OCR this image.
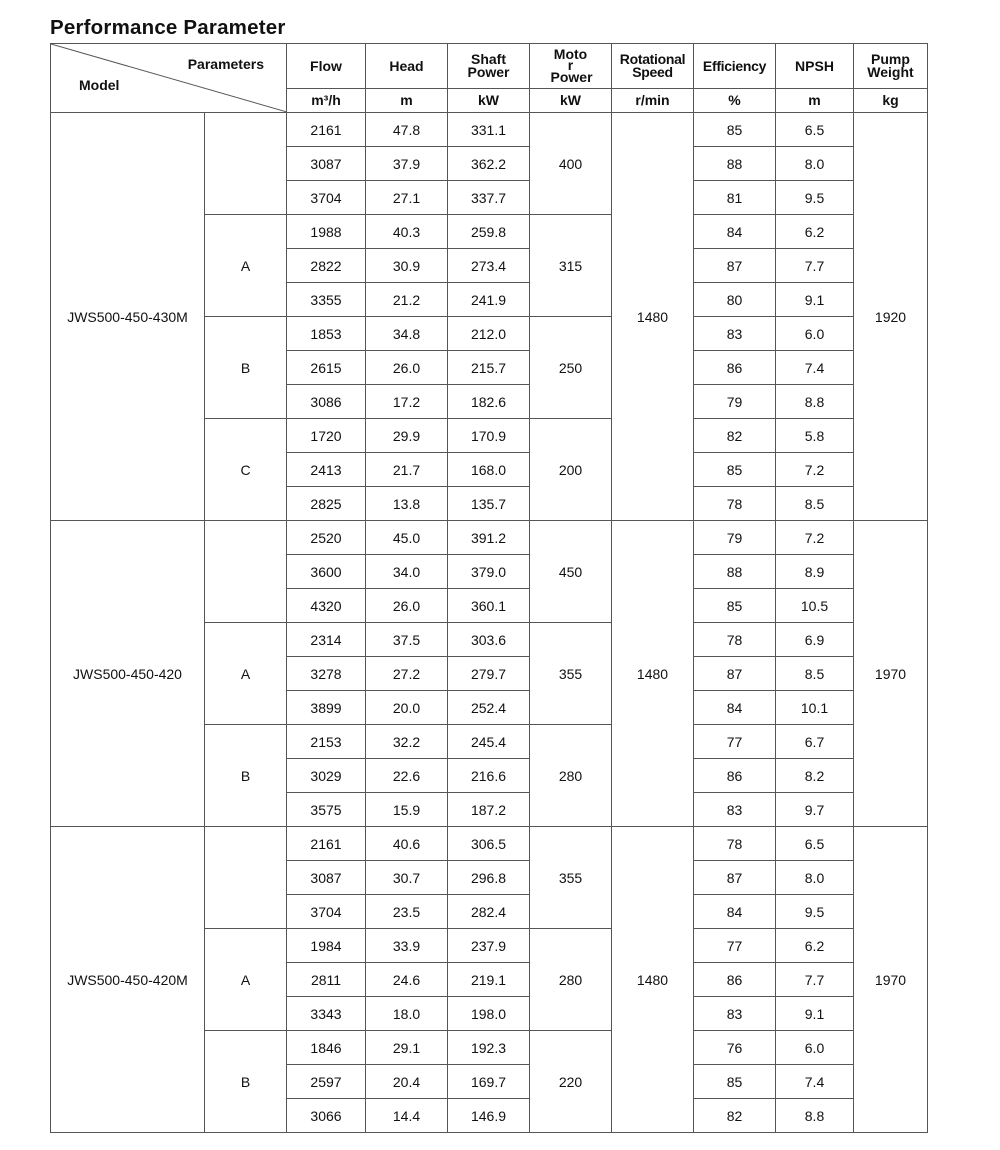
Performance Parameter
Parameters
Model		Flow	Head	Shaft Power	Moto r Power	Rotational Speed	Efficiency	NPSH	Pump Weight
		m³/h	m	kW	kW	r/min	%	m	kg
JWS500-450-430M		2161	47.8	331.1	400	1480	85	6.5	1920
		3087	37.9	362.2			88	8.0	
		3704	27.1	337.7			81	9.5	
	A	1988	40.3	259.8	315		84	6.2	
		2822	30.9	273.4			87	7.7	
		3355	21.2	241.9			80	9.1	
	B	1853	34.8	212.0	250		83	6.0	
		2615	26.0	215.7			86	7.4	
		3086	17.2	182.6			79	8.8	
	C	1720	29.9	170.9	200		82	5.8	
		2413	21.7	168.0			85	7.2	
		2825	13.8	135.7			78	8.5	
JWS500-450-420		2520	45.0	391.2	450	1480	79	7.2	1970
		3600	34.0	379.0			88	8.9	
		4320	26.0	360.1			85	10.5	
	A	2314	37.5	303.6	355		78	6.9	
		3278	27.2	279.7			87	8.5	
		3899	20.0	252.4			84	10.1	
	B	2153	32.2	245.4	280		77	6.7	
		3029	22.6	216.6			86	8.2	
		3575	15.9	187.2			83	9.7	
JWS500-450-420M		2161	40.6	306.5	355	1480	78	6.5	1970
		3087	30.7	296.8			87	8.0	
		3704	23.5	282.4			84	9.5	
	A	1984	33.9	237.9	280		77	6.2	
		2811	24.6	219.1			86	7.7	
		3343	18.0	198.0			83	9.1	
	B	1846	29.1	192.3	220		76	6.0	
		2597	20.4	169.7			85	7.4	
		3066	14.4	146.9			82	8.8	
